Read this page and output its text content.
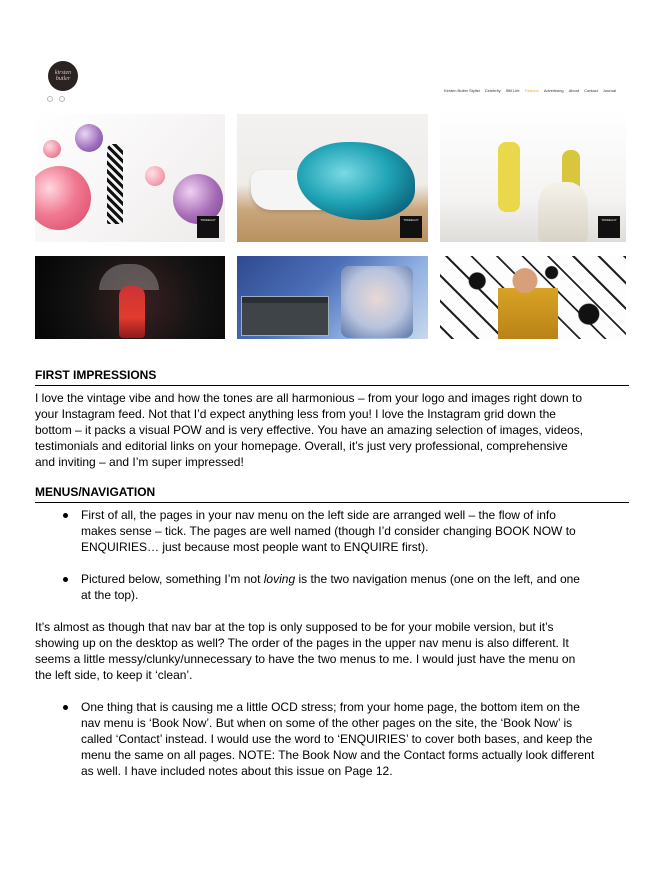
kirsten butler
Kirsten Butler Stylist Celebrity Still Life Fashion Advertising About Contact Journal
TONI&GUY	TONI&GUY	TONI&GUY

FIRST IMPRESSIONS

I love the vintage vibe and how the tones are all harmonious – from your logo and images right down to
your Instagram feed. Not that I’d expect anything less from you! I love the Instagram grid down the
bottom – it packs a visual POW and is very effective. You have an amazing selection of images, videos,
testimonials and editorial links on your homepage. Overall, it’s just very professional, comprehensive
and inviting – and I’m super impressed!

MENUS/NAVIGATION

First of all, the pages in your nav menu on the left side are arranged well – the flow of info
makes sense – tick. The pages are well named (though I’d consider changing BOOK NOW to
ENQUIRIES… just because most people want to ENQUIRE first).
Pictured below, something I’m not loving is the two navigation menus (one on the left, and one
at the top).

It’s almost as though that nav bar at the top is only supposed to be for your mobile version, but it’s
showing up on the desktop as well? The order of the pages in the upper nav menu is also different. It
seems a little messy/clunky/unnecessary to have the two menus to me. I would just have the menu on
the left side, to keep it ‘clean’.

One thing that is causing me a little OCD stress; from your home page, the bottom item on the
nav menu is ‘Book Now’. But when on some of the other pages on the site, the ‘Book Now’ is
called ‘Contact’ instead. I would use the word to ‘ENQUIRIES’ to cover both bases, and keep the
menu the same on all pages. NOTE: The Book Now and the Contact forms actually look different
as well. I have included notes about this issue on Page 12.
